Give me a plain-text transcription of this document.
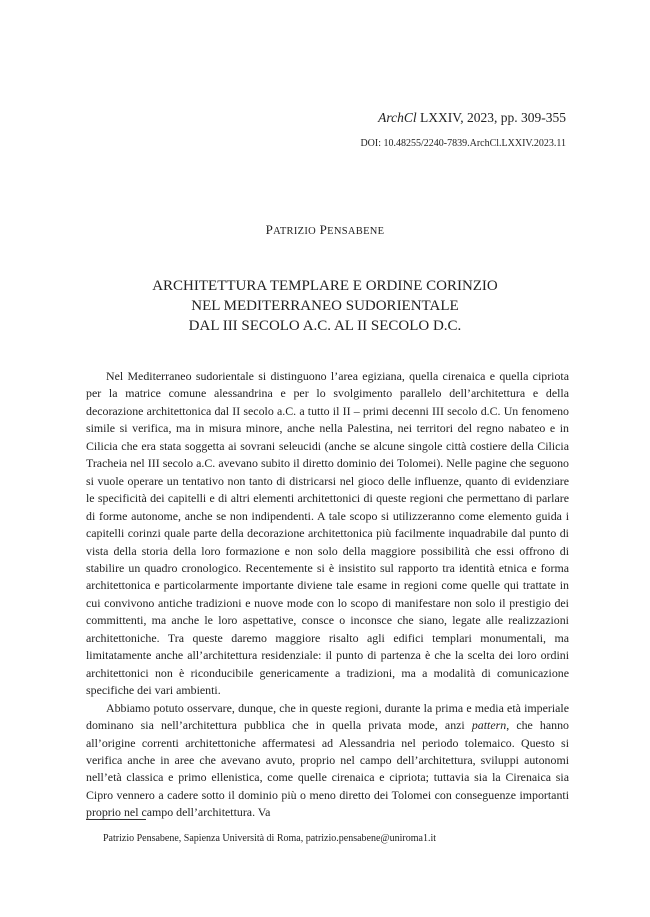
ArchCl LXXIV, 2023, pp. 309-355
DOI: 10.48255/2240-7839.ArchCl.LXXIV.2023.11
PATRIZIO PENSABENE
ARCHITETTURA TEMPLARE E ORDINE CORINZIO
NEL MEDITERRANEO SUDORIENTALE
DAL III SECOLO A.C. AL II SECOLO D.C.

Nel Mediterraneo sudorientale si distinguono l’area egiziana, quella cirenaica e quella cipriota per la matrice comune alessandrina e per lo svolgimento parallelo dell’architettura e della decorazione architettonica dal II secolo a.C. a tutto il II – primi decenni III secolo d.C. Un fenomeno simile si verifica, ma in misura minore, anche nella Palestina, nei territori del regno nabateo e in Cilicia che era stata soggetta ai sovrani seleucidi (anche se alcune singole città costiere della Cilicia Tracheia nel III secolo a.C. avevano subito il diretto dominio dei Tolomei). Nelle pagine che seguono si vuole operare un tentativo non tanto di districarsi nel gioco delle influenze, quanto di evidenziare le specificità dei capitelli e di altri elementi architettonici di queste regioni che permettano di parlare di forme autonome, anche se non indipendenti. A tale scopo si utilizzeranno come elemento guida i capitelli corinzi quale parte della decorazione architettonica più facilmente inquadrabile dal punto di vista della storia della loro formazione e non solo della maggiore possibilità che essi offrono di stabilire un quadro cronologico. Recentemente si è insistito sul rapporto tra identità etnica e forma architettonica e particolarmente importante diviene tale esame in regioni come quelle qui trattate in cui convivono antiche tradizioni e nuove mode con lo scopo di manifestare non solo il prestigio dei committenti, ma anche le loro aspettative, consce o inconsce che siano, legate alle realizzazioni architettoniche. Tra queste daremo maggiore risalto agli edifici templari monumentali, ma limitatamente anche all’architettura residenziale: il punto di partenza è che la scelta dei loro ordini architettonici non è riconducibile genericamente a tradizioni, ma a modalità di comunicazione specifiche dei vari ambienti.

Abbiamo potuto osservare, dunque, che in queste regioni, durante la prima e media età imperiale dominano sia nell’architettura pubblica che in quella privata mode, anzi pattern, che hanno all’origine correnti architettoniche affermatesi ad Alessandria nel periodo tolemaico. Questo si verifica anche in aree che avevano avuto, proprio nel campo dell’architettura, sviluppi autonomi nell’età classica e primo ellenistica, come quelle cirenaica e cipriota; tuttavia sia la Cirenaica sia Cipro vennero a cadere sotto il dominio più o meno diretto dei Tolomei con conseguenze importanti proprio nel campo dell’architettura. Va

Patrizio Pensabene, Sapienza Università di Roma, patrizio.pensabene@uniroma1.it
